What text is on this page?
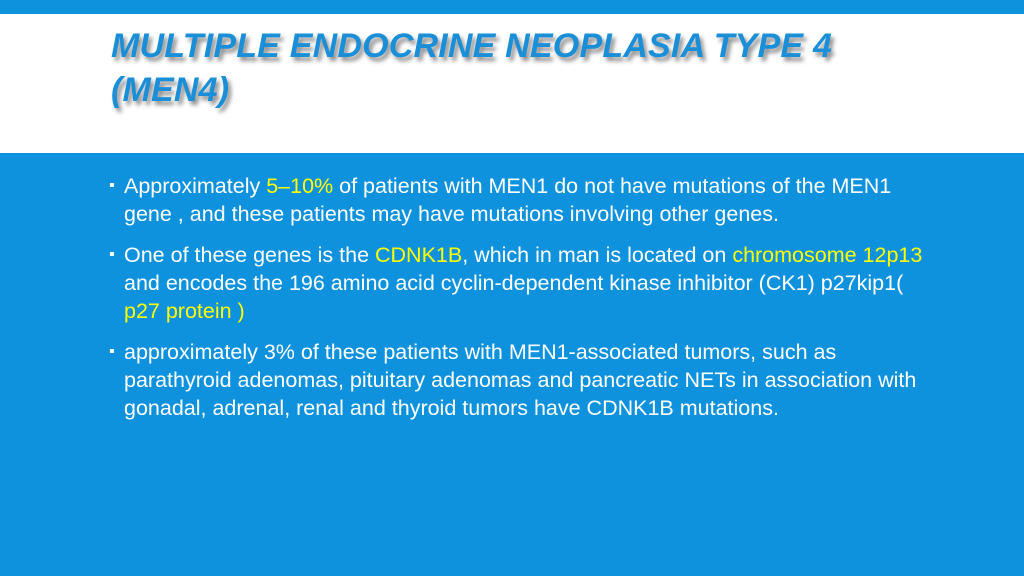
MULTIPLE ENDOCRINE NEOPLASIA TYPE 4
(MEN4)
▪ Approximately 5–10% of patients with MEN1 do not have mutations of the MEN1 gene , and these patients may have mutations involving other genes.
▪ One of these genes is the CDNK1B, which in man is located on chromosome 12p13 and encodes the 196 amino acid cyclin-dependent kinase inhibitor (CK1) p27kip1( p27 protein )
▪ approximately 3% of these patients with MEN1-associated tumors, such as parathyroid adenomas, pituitary adenomas and pancreatic NETs in association with gonadal, adrenal, renal and thyroid tumors have CDNK1B mutations.
